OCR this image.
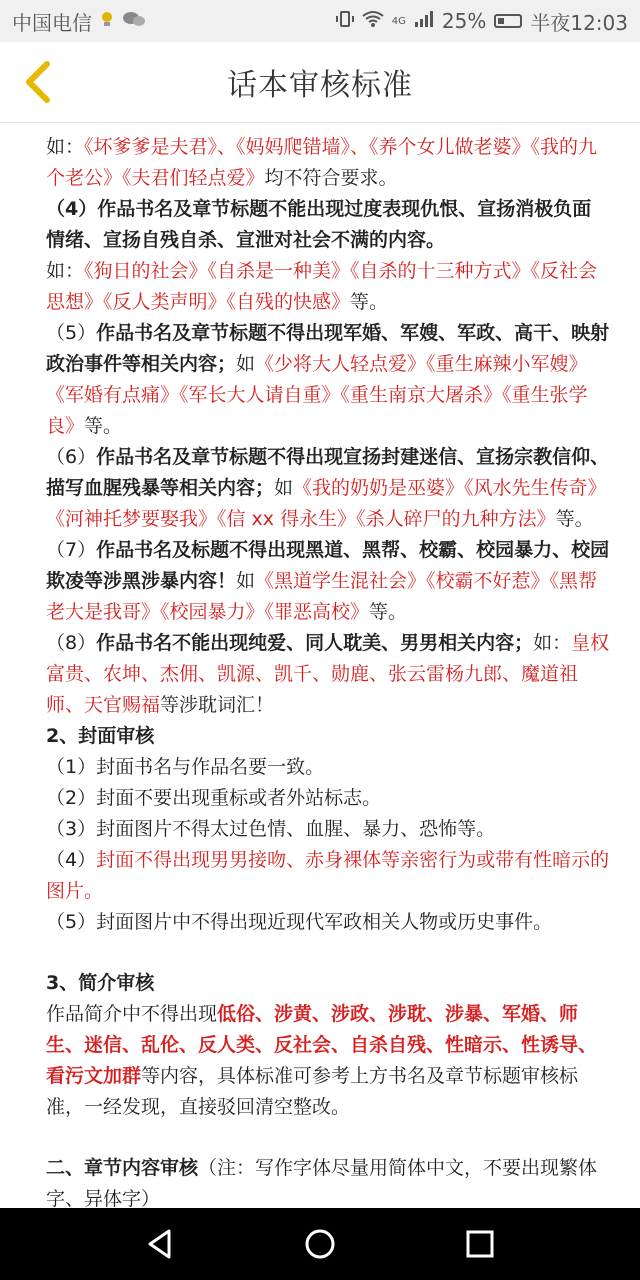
中国电信	4G 25% 半夜12:03
话本审核标准
如：《坏爹爹是夫君》、《妈妈爬错墙》、《养个女儿做老婆》《我的九个老公》《夫君们轻点爱》均不符合要求。
（4）作品书名及章节标题不能出现过度表现仇恨、宣扬消极负面情绪、宣扬自残自杀、宣泄对社会不满的内容。
如：《狗日的社会》《自杀是一种美》《自杀的十三种方式》《反社会思想》《反人类声明》《自残的快感》等。
（5）作品书名及章节标题不得出现军婚、军嫂、军政、高干、映射政治事件等相关内容；如《少将大人轻点爱》《重生麻辣小军嫂》《军婚有点痛》《军长大人请自重》《重生南京大屠杀》《重生张学良》等。
（6）作品书名及章节标题不得出现宣扬封建迷信、宣扬宗教信仰、描写血腥残暴等相关内容；如《我的奶奶是巫婆》《风水先生传奇》《河神托梦要娶我》《信 xx 得永生》《杀人碎尸的九种方法》等。
（7）作品书名及标题不得出现黑道、黑帮、校霸、校园暴力、校园欺凌等涉黑涉暴内容！如《黑道学生混社会》《校霸不好惹》《黑帮老大是我哥》《校园暴力》《罪恶高校》等。
（8）作品书名不能出现纯爱、同人耽美、男男相关内容；如：皇权富贵、农坤、杰佣、凯源、凯千、勋鹿、张云雷杨九郎、魔道祖师、天官赐福等涉耽词汇！
2、封面审核
（1）封面书名与作品名要一致。
（2）封面不要出现重标或者外站标志。
（3）封面图片不得太过色情、血腥、暴力、恐怖等。
（4）封面不得出现男男接吻、赤身裸体等亲密行为或带有性暗示的图片。
（5）封面图片中不得出现近现代军政相关人物或历史事件。
3、简介审核
作品简介中不得出现低俗、涉黄、涉政、涉耽、涉暴、军婚、师生、迷信、乱伦、反人类、反社会、自杀自残、性暗示、性诱导、看污文加群等内容，具体标准可参考上方书名及章节标题审核标准，一经发现，直接驳回清空整改。
二、章节内容审核（注：写作字体尽量用简体中文，不要出现繁体字、异体字）
